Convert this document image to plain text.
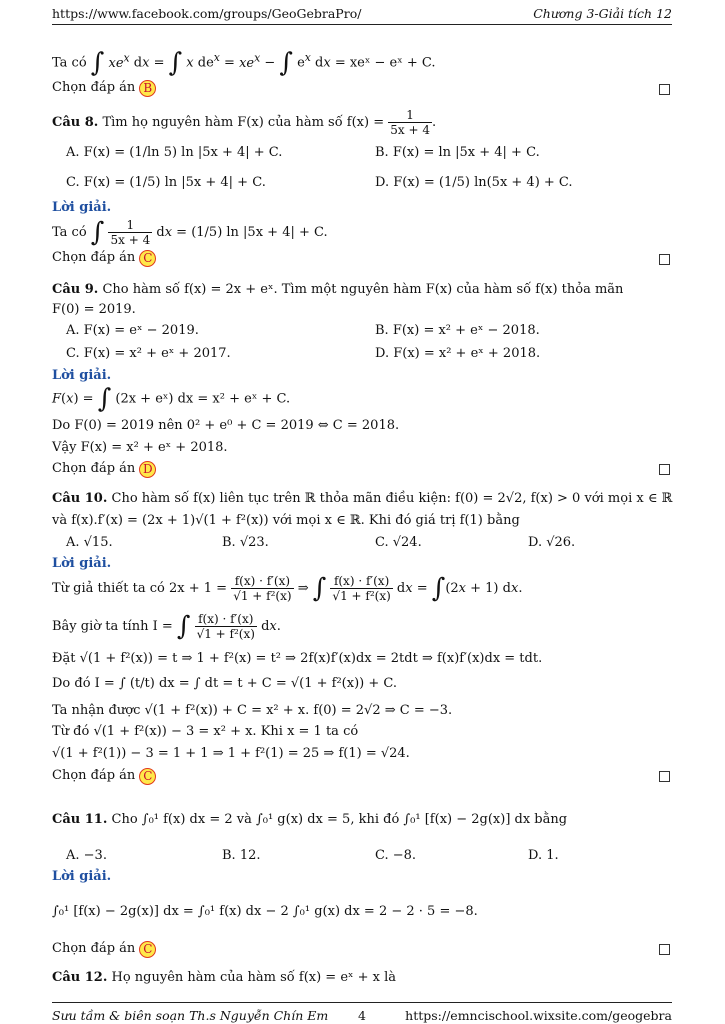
https://www.facebook.com/groups/GeoGebraPro/	Chương 3-Giải tích 12
Ta có ∫ $xe^x$ dx = ∫ x $de^x = xe^x$ − ∫ $e^x$ dx = xeˣ − eˣ + C.
Chọn đáp án B
Câu 8. Tìm họ nguyên hàm F(x) của hàm số $f(x) = \frac{1}{5x + 4}$ .
A. F(x) = (1/ln 5) ln |5x + 4| + C.	B. F(x) = ln |5x + 4| + C.
C. F(x) = (1/5) ln |5x + 4| + C.	D. F(x) = (1/5) ln(5x + 4) + C.
Lời giải.
Ta có ∫ $\frac{1}{5x + 4}$ dx = (1/5) ln |5x + 4| + C.
Chọn đáp án C
Câu 9. Cho hàm số f(x) = 2x + eˣ. Tìm một nguyên hàm F(x) của hàm số f(x) thỏa mãn
F(0) = 2019.
A. F(x) = eˣ − 2019.	B. F(x) = x² + eˣ − 2018.
C. F(x) = x² + eˣ + 2017.	D. F(x) = x² + eˣ + 2018.
Lời giải.
F(x) = ∫ (2x + eˣ) dx = x² + eˣ + C.
Do F(0) = 2019 nên 0² + e⁰ + C = 2019 ⇔ C = 2018.
Vậy F(x) = x² + eˣ + 2018.
Chọn đáp án D
Câu 10. Cho hàm số f(x) liên tục trên ℝ thỏa mãn điều kiện: f(0) = 2√2, f(x) > 0 với mọi x ∈ ℝ
và f(x).f′(x) = (2x + 1)√(1 + f²(x)) với mọi x ∈ ℝ. Khi đó giá trị f(1) bằng
A. √15.	B. √23.	C. √24.	D. √26.
Lời giải.
Từ giả thiết ta có $2x + 1 = \frac{f(x) \cdot f'(x)}{\text{√1 + f²(x)}}$ ⇒ ∫ $\frac{f(x) \cdot f'(x)}{\text{√1 + f²(x)}}$ dx = ∫(2x + 1) dx.
Bây giờ ta tính I = ∫ $\frac{f(x) \cdot f'(x)}{\text{√1 + f²(x)}}$ dx.
Đặt √(1 + f²(x)) = t ⇒ 1 + f²(x) = t² ⇒ 2f(x)f′(x)dx = 2tdt ⇒ f(x)f′(x)dx = tdt.
Do đó I = ∫ (t/t) dx = ∫ dt = t + C = √(1 + f²(x)) + C.
Ta nhận được √(1 + f²(x)) + C = x² + x. f(0) = 2√2 ⇒ C = −3.
Từ đó √(1 + f²(x)) − 3 = x² + x. Khi x = 1 ta có
√(1 + f²(1)) − 3 = 1 + 1 ⇒ 1 + f²(1) = 25 ⇒ f(1) = √24.
Chọn đáp án C
Câu 11. Cho ∫₀¹ f(x) dx = 2 và ∫₀¹ g(x) dx = 5, khi đó ∫₀¹ [f(x) − 2g(x)] dx bằng
A. −3.	B. 12.	C. −8.	D. 1.
Lời giải.
∫₀¹ [f(x) − 2g(x)] dx = ∫₀¹ f(x) dx − 2 ∫₀¹ g(x) dx = 2 − 2 · 5 = −8.
Chọn đáp án C
Câu 12. Họ nguyên hàm của hàm số f(x) = eˣ + x là
Sưu tầm & biên soạn Th.s Nguyễn Chín Em 4	https://emncischool.wixsite.com/geogebra
